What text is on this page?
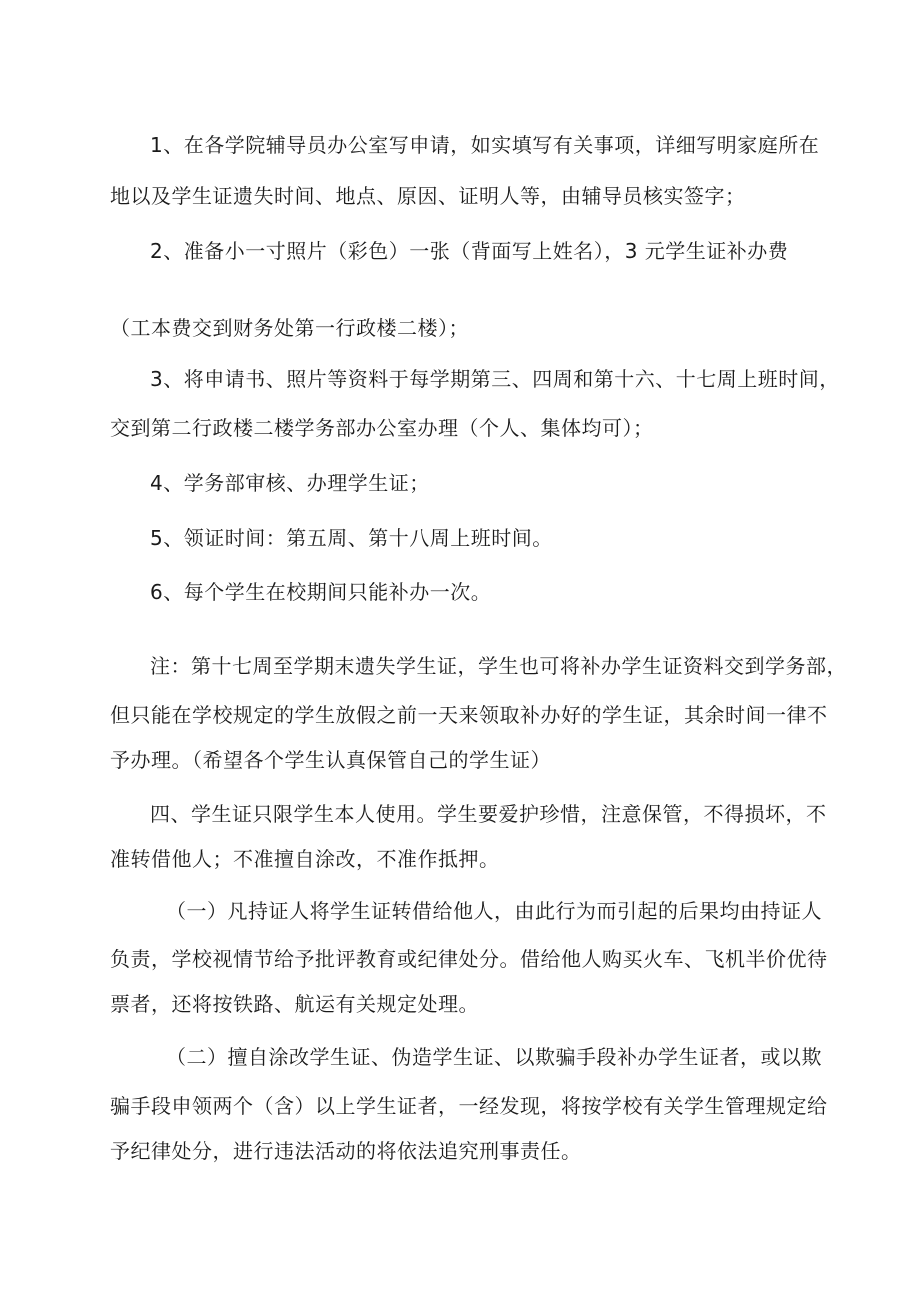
1、在各学院辅导员办公室写申请，如实填写有关事项，详细写明家庭所在
地以及学生证遗失时间、地点、原因、证明人等，由辅导员核实签字；
2、准备小一寸照片（彩色）一张（背面写上姓名），3 元学生证补办费
（工本费交到财务处第一行政楼二楼）；
3、将申请书、照片等资料于每学期第三、四周和第十六、十七周上班时间，
交到第二行政楼二楼学务部办公室办理（个人、集体均可）；
4、学务部审核、办理学生证；
5、领证时间：第五周、第十八周上班时间。
6、每个学生在校期间只能补办一次。
注：第十七周至学期末遗失学生证，学生也可将补办学生证资料交到学务部，
但只能在学校规定的学生放假之前一天来领取补办好的学生证，其余时间一律不
予办理。（希望各个学生认真保管自己的学生证）
四、学生证只限学生本人使用。学生要爱护珍惜，注意保管，不得损坏，不
准转借他人；不准擅自涂改，不准作抵押。
（一）凡持证人将学生证转借给他人，由此行为而引起的后果均由持证人
负责，学校视情节给予批评教育或纪律处分。借给他人购买火车、飞机半价优待
票者，还将按铁路、航运有关规定处理。
（二）擅自涂改学生证、伪造学生证、以欺骗手段补办学生证者，或以欺
骗手段申领两个（含）以上学生证者，一经发现，将按学校有关学生管理规定给
予纪律处分，进行违法活动的将依法追究刑事责任。
